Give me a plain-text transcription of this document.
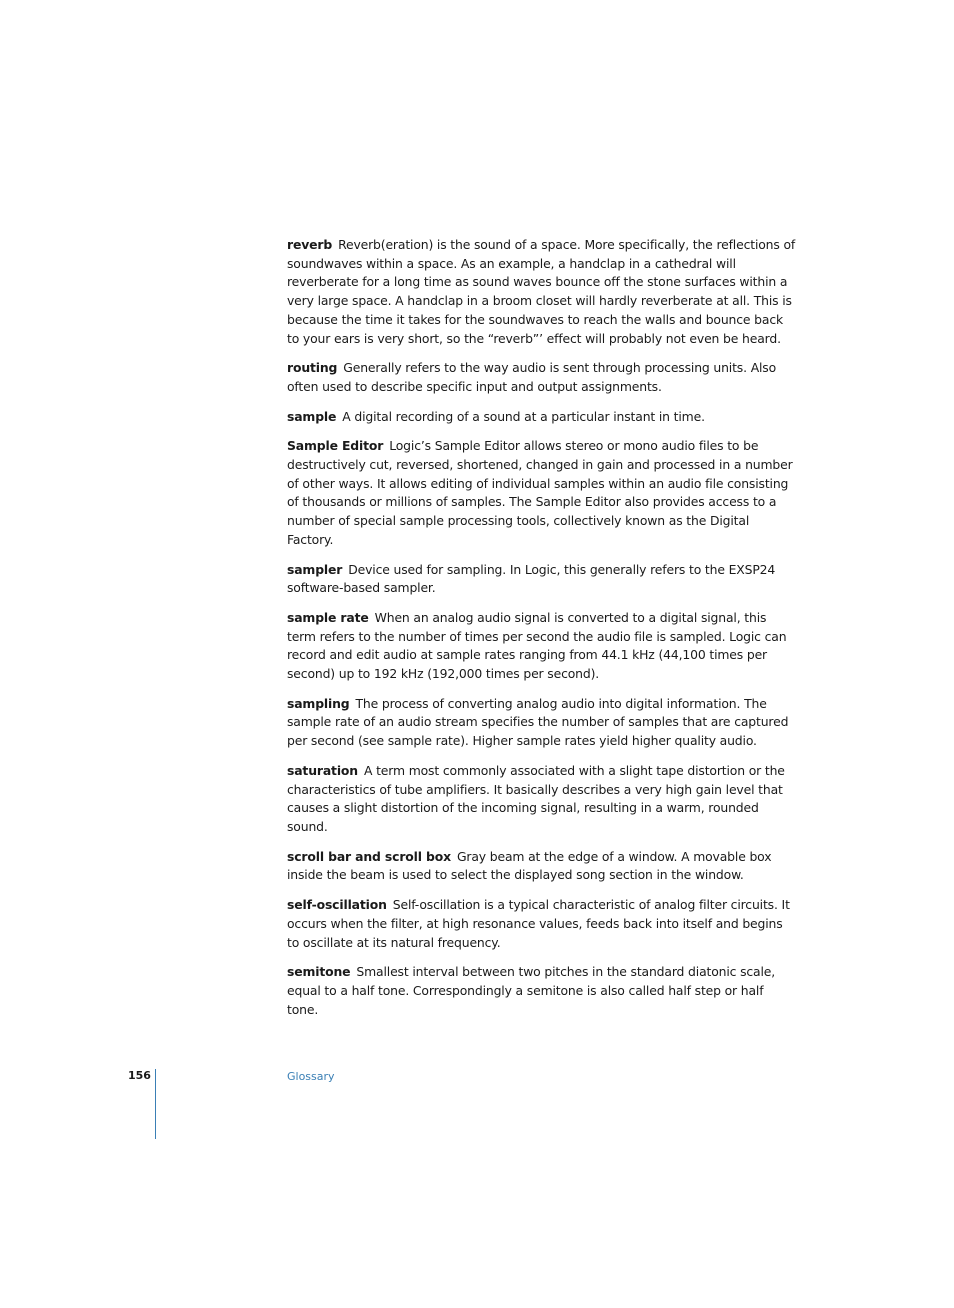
reverb Reverb(eration) is the sound of a space. More specifically, the reflections of soundwaves within a space. As an example, a handclap in a cathedral will reverberate for a long time as sound waves bounce off the stone surfaces within a very large space. A handclap in a broom closet will hardly reverberate at all. This is because the time it takes for the soundwaves to reach the walls and bounce back to your ears is very short, so the “reverb”’ effect will probably not even be heard.

routing Generally refers to the way audio is sent through processing units. Also often used to describe specific input and output assignments.

sample A digital recording of a sound at a particular instant in time.

Sample Editor Logic’s Sample Editor allows stereo or mono audio files to be destructively cut, reversed, shortened, changed in gain and processed in a number of other ways. It allows editing of individual samples within an audio file consisting of thousands or millions of samples. The Sample Editor also provides access to a number of special sample processing tools, collectively known as the Digital Factory.

sampler Device used for sampling. In Logic, this generally refers to the EXSP24 software-based sampler.

sample rate When an analog audio signal is converted to a digital signal, this term refers to the number of times per second the audio file is sampled. Logic can record and edit audio at sample rates ranging from 44.1 kHz (44,100 times per second) up to 192 kHz (192,000 times per second).

sampling The process of converting analog audio into digital information. The sample rate of an audio stream specifies the number of samples that are captured per second (see sample rate). Higher sample rates yield higher quality audio.

saturation A term most commonly associated with a slight tape distortion or the characteristics of tube amplifiers. It basically describes a very high gain level that causes a slight distortion of the incoming signal, resulting in a warm, rounded sound.

scroll bar and scroll box Gray beam at the edge of a window. A movable box inside the beam is used to select the displayed song section in the window.

self-oscillation Self-oscillation is a typical characteristic of analog filter circuits. It occurs when the filter, at high resonance values, feeds back into itself and begins to oscillate at its natural frequency.

semitone Smallest interval between two pitches in the standard diatonic scale, equal to a half tone. Correspondingly a semitone is also called half step or half tone.

156	Glossary
